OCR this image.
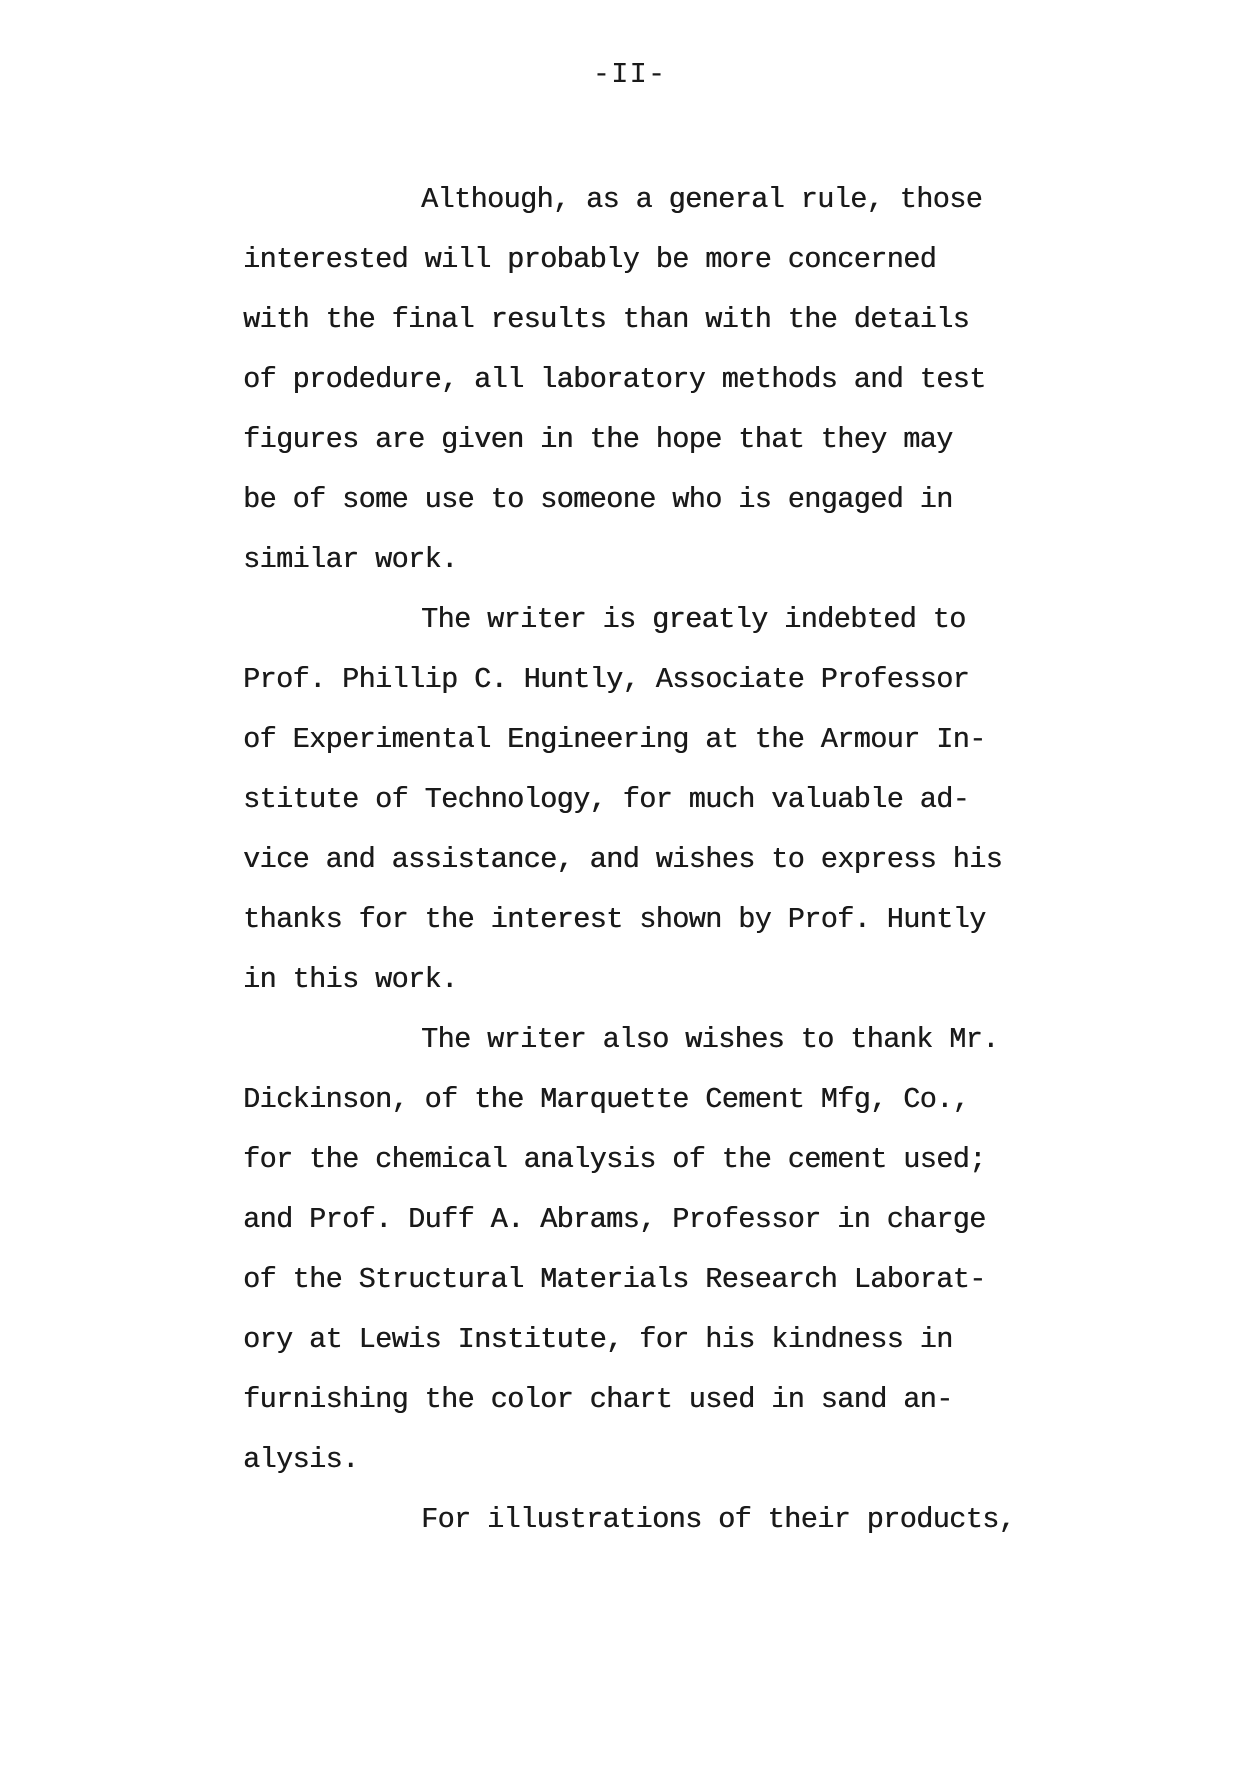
-II-
Although, as a general rule, those
interested will probably be more concerned
with the final results than with the details
of prodedure, all laboratory methods and test
figures are given in the hope that they may
be of some use to someone who is engaged in
similar work.
The writer is greatly indebted to
Prof. Phillip C. Huntly, Associate Professor
of Experimental Engineering at the Armour In-
stitute of Technology, for much valuable ad-
vice and assistance, and wishes to express his
thanks for the interest shown by Prof. Huntly
in this work.
The writer also wishes to thank Mr.
Dickinson, of the Marquette Cement Mfg, Co.,
for the chemical analysis of the cement used;
and Prof. Duff A. Abrams, Professor in charge
of the Structural Materials Research Laborat-
ory at Lewis Institute, for his kindness in
furnishing the color chart used in sand an-
alysis.
For illustrations of their products,
